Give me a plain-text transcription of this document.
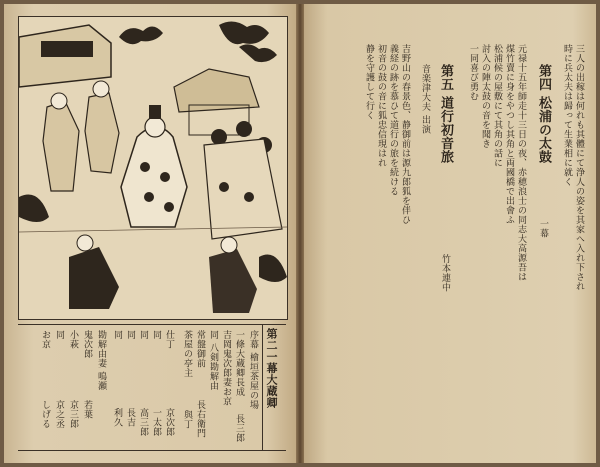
第二一幕大蔵卿
序幕 檜垣茶屋の場
一條大蔵卿長成
長三郎
吉岡鬼次郎妻お京
同 八剣勘解由
常盤御前
長右衛門
茶屋の亭主
與丁
仕丁
京次郎
同
一太郎
同
高三郎
同
長吉
同
利久
勘解由妻 鳴瀬
鬼次郎
若葉
小萩
京三郎
同
京之丞
お京
しげる
三人の出稼は何れも其體にて浄人の姿を其家へ入れ下され
時に兵太夫は歸って生業相に就く
第四 松浦の太鼓
一幕
元禄十五年師走十三日の夜、赤穂浪士の同志大高源吾は
煤竹賣に身をやつし其角と両國橋で出會ふ
松浦候の屋敷にて其角の話に
討入の陣太鼓の音を聞き
一同喜び勇む
第五 道行初音旅
竹本連中
音楽津大夫 出演
吉野山の春景色、静御前は源九郎狐を伴ひ
義経の跡を慕ひて道行の旅を続ける
初音の鼓の音に狐忠信現はれ
静を守護して行く
